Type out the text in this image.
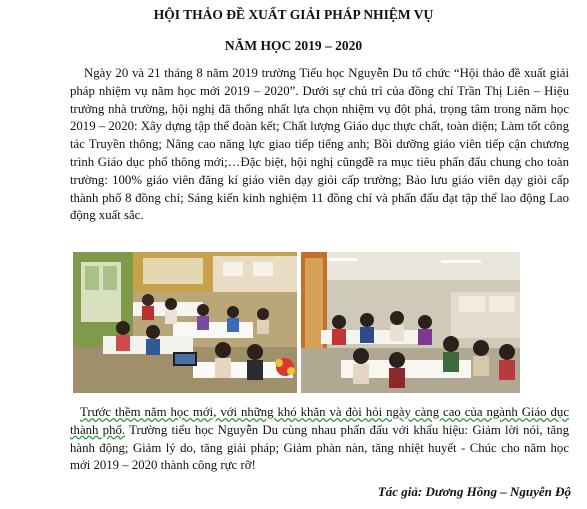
HỘI THẢO ĐỀ XUẤT GIẢI PHÁP NHIỆM VỤ
NĂM HỌC 2019 – 2020

Ngày 20 và 21 tháng 8 năm 2019 trường Tiểu học Nguyễn Du tổ chức “Hội thảo đề xuất giải pháp nhiệm vụ năm học mới 2019 – 2020”. Dưới sự chủ trì của đồng chí Trần Thị Liên – Hiệu trưởng nhà trường, hội nghị đã thống nhất lựa chọn nhiệm vụ đột phá, trọng tâm trong năm học 2019 – 2020: Xây dựng tập thể đoàn kết; Chất lượng Giáo dục thực chất, toàn diện; Làm tốt công tác Truyền thông; Nâng cao năng lực giao tiếp tiếng anh; Bồi dưỡng giáo viên tiếp cận chương trình Giáo dục phổ thông mới;…Đặc biệt, hội nghị cũngđề ra mục tiêu phấn đấu chung cho toàn trường: 100% giáo viên đăng kí giáo viên dạy giỏi cấp trường; Bảo lưu giáo viên dạy giỏi cấp thành phố 8 đồng chí; Sáng kiến kinh nghiệm 11 đồng chí và phấn đấu đạt tập thể lao động Lao động xuất sắc.

Trước thềm năm học mới, với những khó khăn và đòi hỏi ngày càng cao của ngành Giáo dục thành phố. Trường tiểu học Nguyễn Du cùng nhau phấn đấu với khẩu hiệu: Giảm lời nói, tăng hành động; Giảm lý do, tăng giải pháp; Giảm phàn nàn, tăng nhiệt huyết - Chúc cho năm học mới 2019 – 2020 thành công rực rỡ!

Tác giả: Dương Hồng – Nguyễn Độ
